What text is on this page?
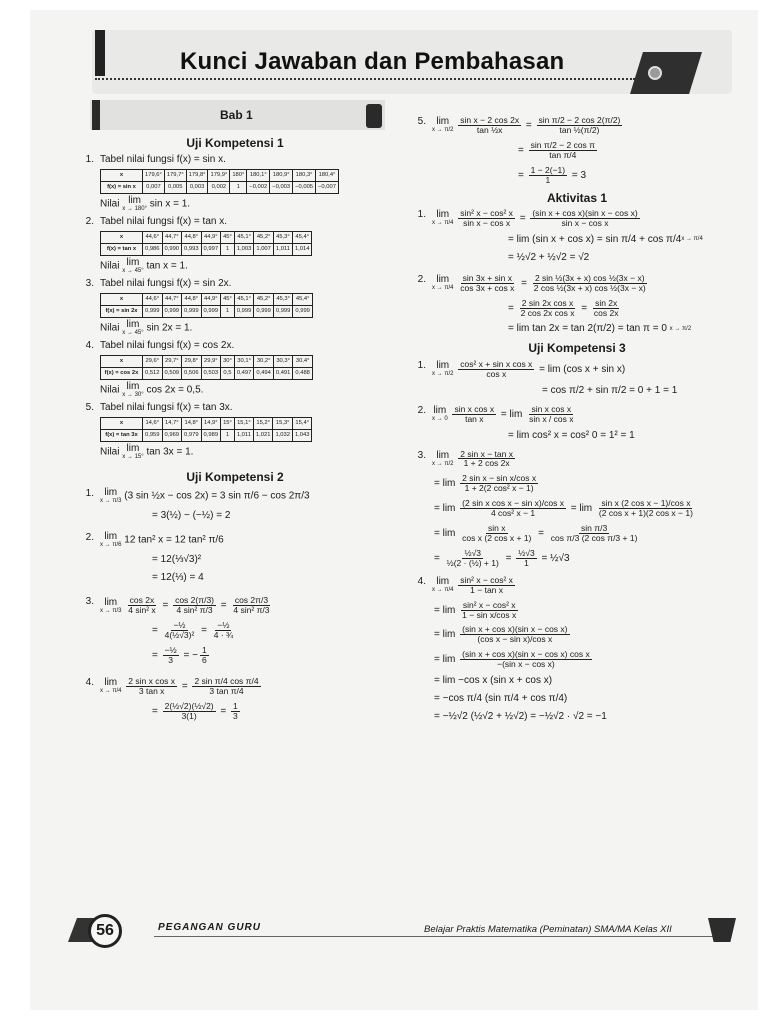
Kunci Jawaban dan Pembahasan
Bab 1
Uji Kompetensi 1
1. Tabel nilai fungsi f(x) = sin x.
x	179,6°	179,7°	179,8°	179,9°	180°	180,1°	180,9°	180,3°	180,4°
f(x) = sin x	0,007	0,005	0,003	0,002	1	−0,002	−0,003	−0,005	−0,007
Nilai lim
x → 180° sin x = 1.
2. Tabel nilai fungsi f(x) = tan x.
x	44,6°	44,7°	44,8°	44,9°	45°	45,1°	45,2°	45,3°	45,4°
f(x) = tan x	0,986	0,990	0,993	0,997	1	1,003	1,007	1,011	1,014
Nilai lim
x → 45° tan x = 1.
3. Tabel nilai fungsi f(x) = sin 2x.
x	44,6°	44,7°	44,8°	44,9°	45°	45,1°	45,2°	45,3°	45,4°
f(x) = sin 2x	0,999	0,999	0,999	0,999	1	0,999	0,999	0,999	0,999
Nilai lim
x → 45° sin 2x = 1.
4. Tabel nilai fungsi f(x) = cos 2x.
x	29,6°	29,7°	29,8°	29,9°	30°	30,1°	30,2°	30,3°	30,4°
f(x) = cos 2x	0,512	0,509	0,506	0,503	0,5	0,497	0,494	0,491	0,488
Nilai lim
x → 30° cos 2x = 0,5.
5. Tabel nilai fungsi f(x) = tan 3x.
x	14,6°	14,7°	14,8°	14,9°	15°	15,1°	15,2°	15,3°	15,4°
f(x) = tan 3x	0,959	0,969	0,979	0,989	1	1,011	1,021	1,032	1,043
Nilai lim
x → 15° tan 3x = 1.
Uji Kompetensi 2
1.	lim
x → π/3 (3 sin ½x − cos 2x) = 3 sin π/6 − cos 2π/3
= 3(½) − (−½) = 2
2.	lim
x → π/6 12 tan² x = 12 tan² π/6
= 12(⅓√3)²
= 12(⅓) = 4
3.	lim
x → π/3
$\frac{\cos 2x}{\text{4 sin² x}} = \frac{\cos 2(\pi/3)}{\text{4 sin² π/3}} = \frac{\cos 2\pi/3}{\text{4 sin² π/3}}$
= $\frac{\text{−½}}{\text{4(½√3)²}} = \frac{\text{−½}}{\text{4 · ¾}}$
= $\frac{\text{−½}}{3}$ = − $\frac{1}{6}$
4.	lim
x → π/4
$\frac{\text{2 sin x cos x}}{\text{3 tan x}} = \frac{\text{2 sin π/4 cos π/4}}{\text{3 tan π/4}}$
= $\frac{\text{2(½√2)(½√2)}}{3(1)} = \frac{1}{3}$
5.	lim
x → π/2
$\frac{\text{sin x − 2 cos 2x}}{\text{tan ½x}} = \frac{\text{sin π/2 − 2 cos 2(π/2)}}{\text{tan ½(π/2)}}$
= $\frac{\text{sin π/2 − 2 cos π}}{\text{tan π/4}}$
= $\frac{1 - 2(-1)}{1} = 3$
Aktivitas 1
1.	lim
x → π/4
$\frac{\text{sin² x − cos² x}}{\text{sin x − cos x}} = \frac{\text{(sin x + cos x)(sin x − cos x)}}{\text{sin x − cos x}}$
= lim (sin x + cos x) = sin π/4 + cos π/4 x → π/4
= ½√2 + ½√2 = √2
2.	lim
x → π/4
$\frac{\text{sin 3x + sin x}}{\text{cos 3x + cos x}} = \frac{\text{2 sin ½(3x + x) cos ½(3x − x)}}{\text{2 cos ½(3x + x) cos ½(3x − x)}}$
= $\frac{\text{2 sin 2x cos x}}{\text{2 cos 2x cos x}} = \frac{\sin 2x}{\cos 2x}$
= lim tan 2x = tan 2(π/2) = tan π = 0 x → π/2
Uji Kompetensi 3
1.	lim
x → π/2
$\frac{\text{cos² x + sin x cos x}}{\text{cos x}} = \lim (\cos$ x + sin x)
= cos π/2 + sin π/2 = 0 + 1 = 1
2. lim
x → 0
$\frac{\text{sin x cos x}}{\text{tan x}} = \lim \frac{\text{sin x cos x}}{\text{sin x / cos x}}$
= lim cos² x = cos² 0 = 1² = 1
3.	lim
x → π/2
$\frac{\text{2 sin x − tan x}}{1 + 2 \cos 2x}$
= $\lim \frac{\text{2 sin x − sin x/cos x}}{\text{1 + 2(2 cos² x − 1)}}$
= $\lim \frac{\text{(2 sin x cos x − sin x)/cos x}}{\text{4 cos² x − 1}} = \lim \frac{\text{sin x (2 cos x − 1)/cos x}}{\text{(2 cos x + 1)(2 cos x − 1)}}$
= $\lim \frac{\text{sin x}}{\text{cos x (2 cos x + 1)}} = \frac{\text{sin π/3}}{\text{cos π/3 (2 cos π/3 + 1)}}$
= $\frac{\text{½√3}}{\text{½(2 · (½) + 1)}} = \frac{\text{½√3}}{1}$ = ½√3
4.	lim
x → π/4
$\frac{\text{sin² x − cos² x}}{\text{1 − tan x}}$
= $\lim \frac{\text{sin² x − cos² x}}{\text{1 − sin x/cos x}}$
= $\lim \frac{\text{(sin x + cos x)(sin x − cos x)}}{\text{(cos x − sin x)/cos x}}$
= $\lim \frac{\text{(sin x + cos x)(sin x − cos x) cos x}}{\text{−(sin x − cos x)}}$
= lim −cos x (sin x + cos x)
= −cos π/4 (sin π/4 + cos π/4)
= −½√2 (½√2 + ½√2) = −½√2 · √2 = −1
56	PEGANGAN GURU	Belajar Praktis Matematika (Peminatan) SMA/MA Kelas XII
